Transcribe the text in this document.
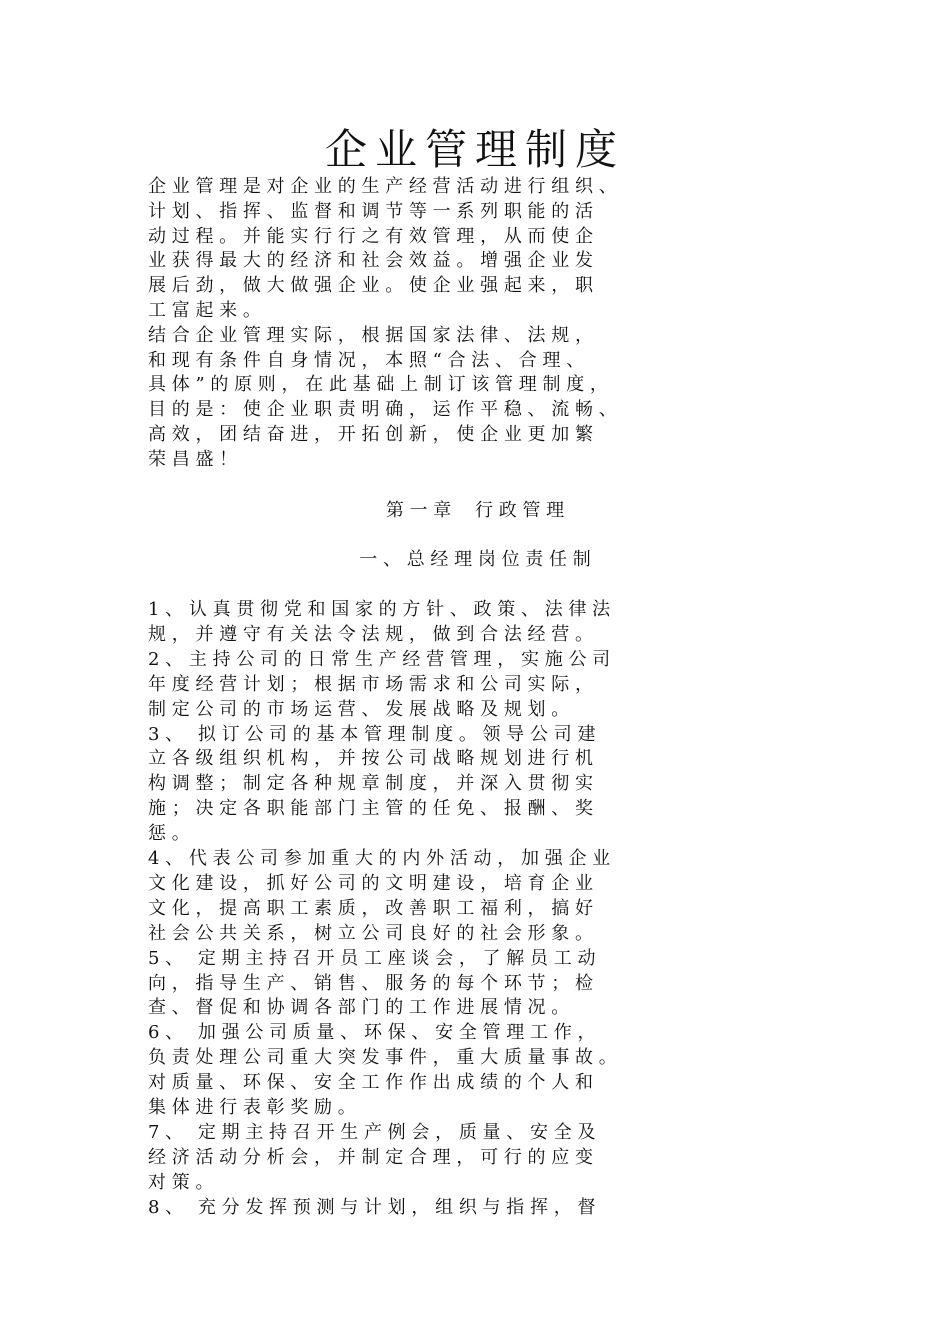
企业管理制度
企 业 管 理 是 对 企 业 的 生 产 经 营 活 动 进 行 组 织 、
计 划 、 指 挥 、 监 督 和 调 节 等 一 系 列 职 能 的 活
动 过 程 。 并 能 实 行 行 之 有 效 管 理 ， 从 而 使 企
业 获 得 最 大 的 经 济 和 社 会 效 益 。 增 强 企 业 发
展 后 劲 ， 做 大 做 强 企 业 。 使 企 业 强 起 来 ， 职
工 富 起 来 。
结 合 企 业 管 理 实 际 ， 根 据 国 家 法 律 、 法 规 ，
和 现 有 条 件 自 身 情 况 ， 本 照 “ 合 法 、 合 理 、
具 体 ” 的 原 则 ， 在 此 基 础 上 制 订 该 管 理 制 度 ，
目 的 是 ： 使 企 业 职 责 明 确 ， 运 作 平 稳 、 流 畅 、
高 效 ， 团 结 奋 进 ， 开 拓 创 新 ， 使 企 业 更 加 繁
荣 昌 盛 ！
第 一 章　 行 政 管 理
一 、 总 经 理 岗 位 责 任 制
1 、 认 真 贯 彻 党 和 国 家 的 方 针 、 政 策 、 法 律 法
规 ， 并 遵 守 有 关 法 令 法 规 ， 做 到 合 法 经 营 。
2 、 主 持 公 司 的 日 常 生 产 经 营 管 理 ， 实 施 公 司
年 度 经 营 计 划 ； 根 据 市 场 需 求 和 公 司 实 际 ，
制 定 公 司 的 市 场 运 营 、 发 展 战 略 及 规 划 。
3 、　 拟 订 公 司 的 基 本 管 理 制 度 。 领 导 公 司 建
立 各 级 组 织 机 构 ， 并 按 公 司 战 略 规 划 进 行 机
构 调 整 ； 制 定 各 种 规 章 制 度 ， 并 深 入 贯 彻 实
施 ； 决 定 各 职 能 部 门 主 管 的 任 免 、 报 酬 、 奖
惩 。
4 、 代 表 公 司 参 加 重 大 的 内 外 活 动 ， 加 强 企 业
文 化 建 设 ， 抓 好 公 司 的 文 明 建 设 ， 培 育 企 业
文 化 ， 提 高 职 工 素 质 ， 改 善 职 工 福 利 ， 搞 好
社 会 公 共 关 系 ， 树 立 公 司 良 好 的 社 会 形 象 。
5 、　 定 期 主 持 召 开 员 工 座 谈 会 ， 了 解 员 工 动
向 ， 指 导 生 产 、 销 售 、 服 务 的 每 个 环 节 ； 检
查 、 督 促 和 协 调 各 部 门 的 工 作 进 展 情 况 。
6 、　 加 强 公 司 质 量 、 环 保 、 安 全 管 理 工 作 ，
负 责 处 理 公 司 重 大 突 发 事 件 ， 重 大 质 量 事 故 。
对 质 量 、 环 保 、 安 全 工 作 作 出 成 绩 的 个 人 和
集 体 进 行 表 彰 奖 励 。
7 、　 定 期 主 持 召 开 生 产 例 会 ， 质 量 、 安 全 及
经 济 活 动 分 析 会 ， 并 制 定 合 理 ， 可 行 的 应 变
对 策 。
8 、　 充 分 发 挥 预 测 与 计 划 ， 组 织 与 指 挥 ， 督
